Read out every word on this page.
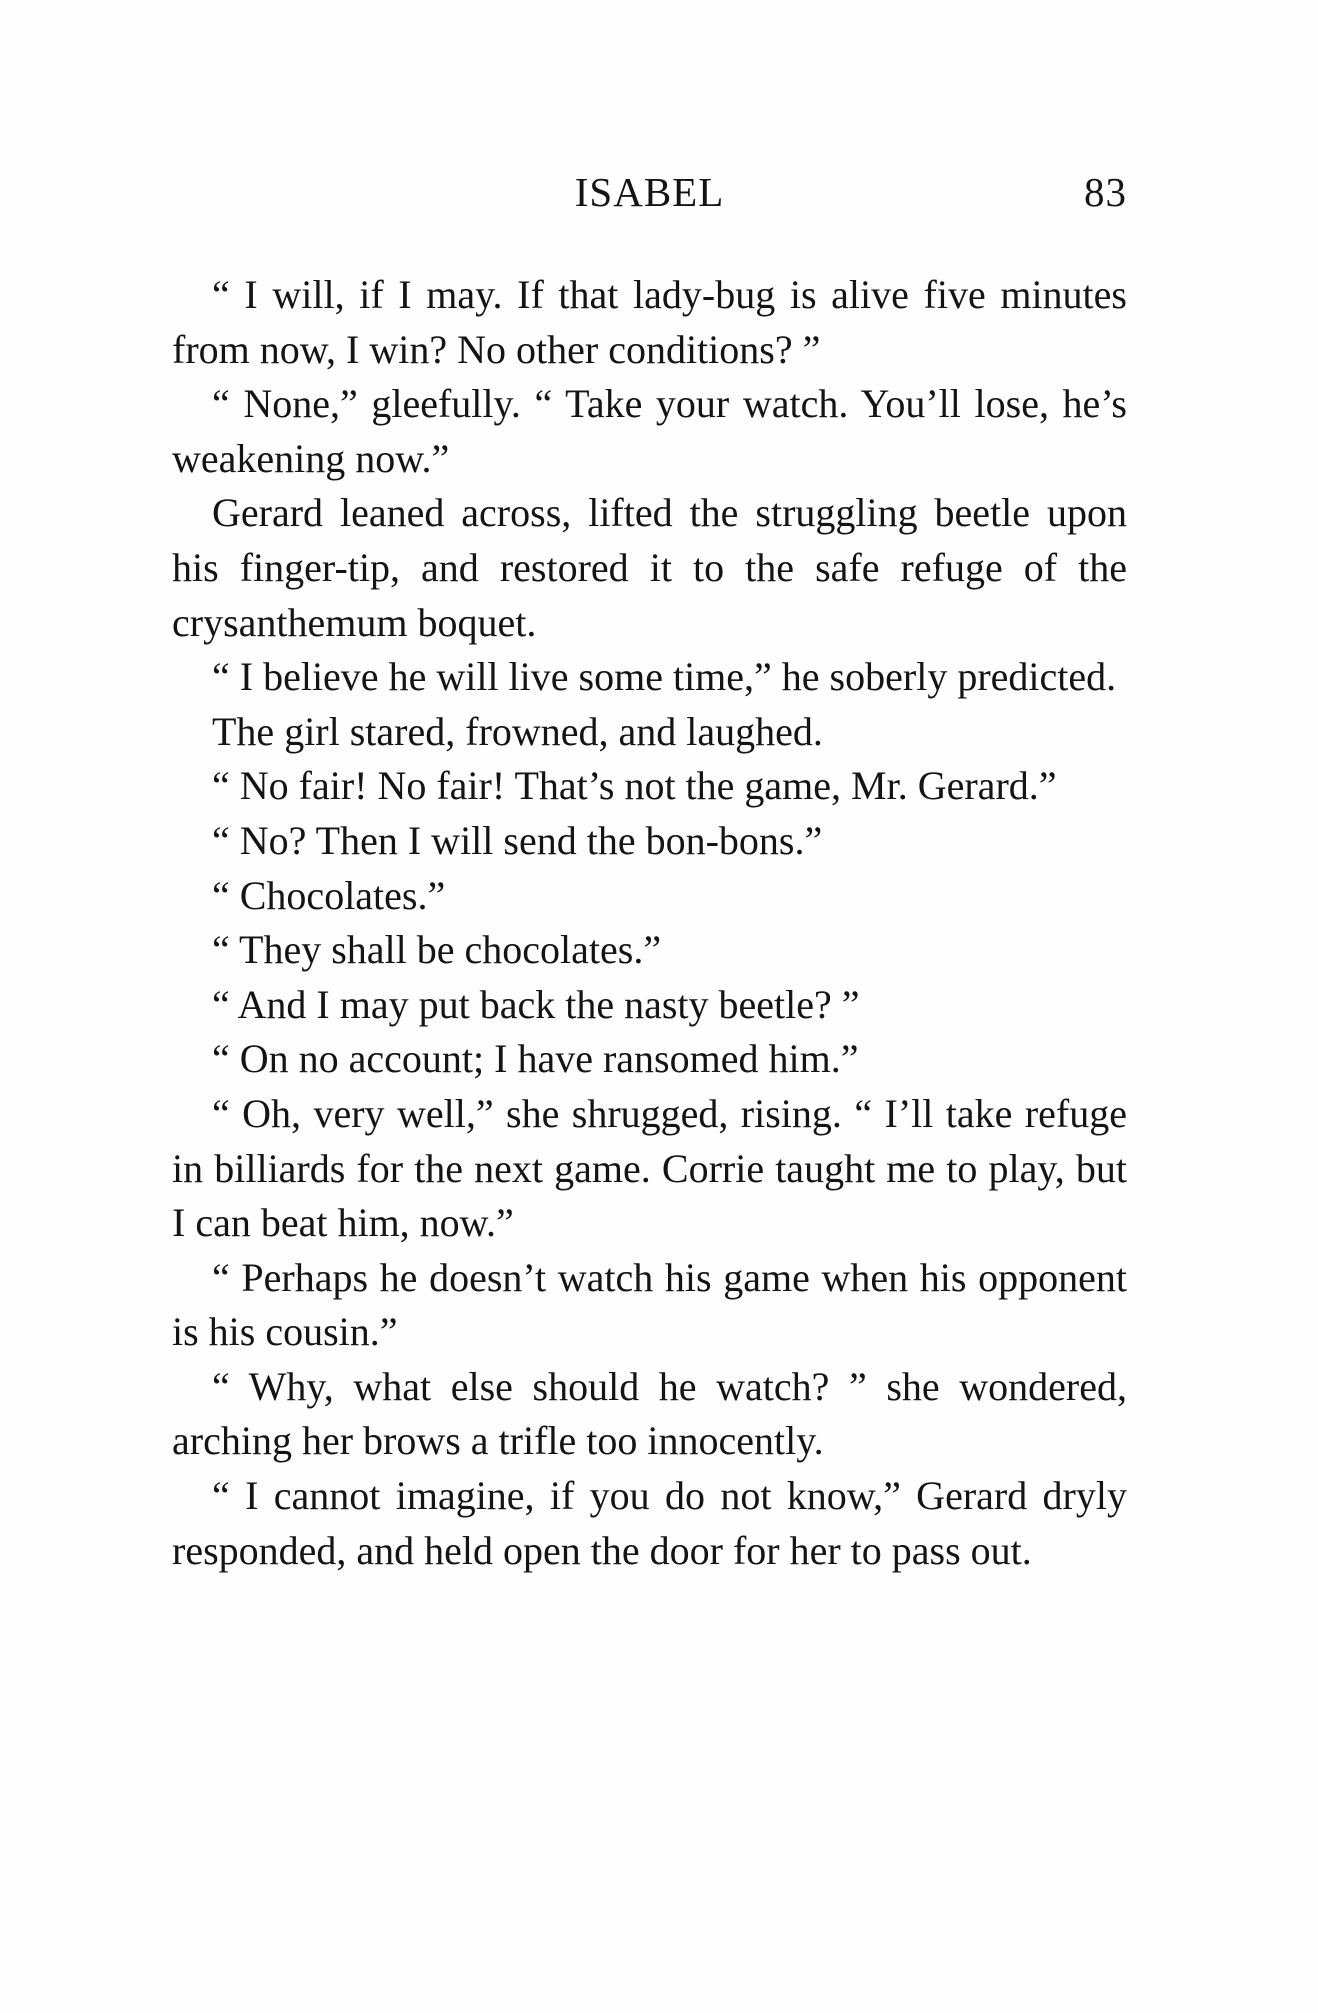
ISABEL	83

“ I will, if I may. If that lady-bug is alive five minutes from now, I win? No other conditions? ”

“ None,” gleefully. “ Take your watch. You’ll lose, he’s weakening now.”

Gerard leaned across, lifted the struggling beetle upon his finger-tip, and restored it to the safe refuge of the crysanthemum boquet.

“ I believe he will live some time,” he soberly predicted.

The girl stared, frowned, and laughed.

“ No fair! No fair! That’s not the game, Mr. Gerard.”

“ No? Then I will send the bon-bons.”

“ Chocolates.”

“ They shall be chocolates.”

“ And I may put back the nasty beetle? ”

“ On no account; I have ransomed him.”

“ Oh, very well,” she shrugged, rising. “ I’ll take refuge in billiards for the next game. Corrie taught me to play, but I can beat him, now.”

“ Perhaps he doesn’t watch his game when his opponent is his cousin.”

“ Why, what else should he watch? ” she wondered, arching her brows a trifle too innocently.

“ I cannot imagine, if you do not know,” Gerard dryly responded, and held open the door for her to pass out.
